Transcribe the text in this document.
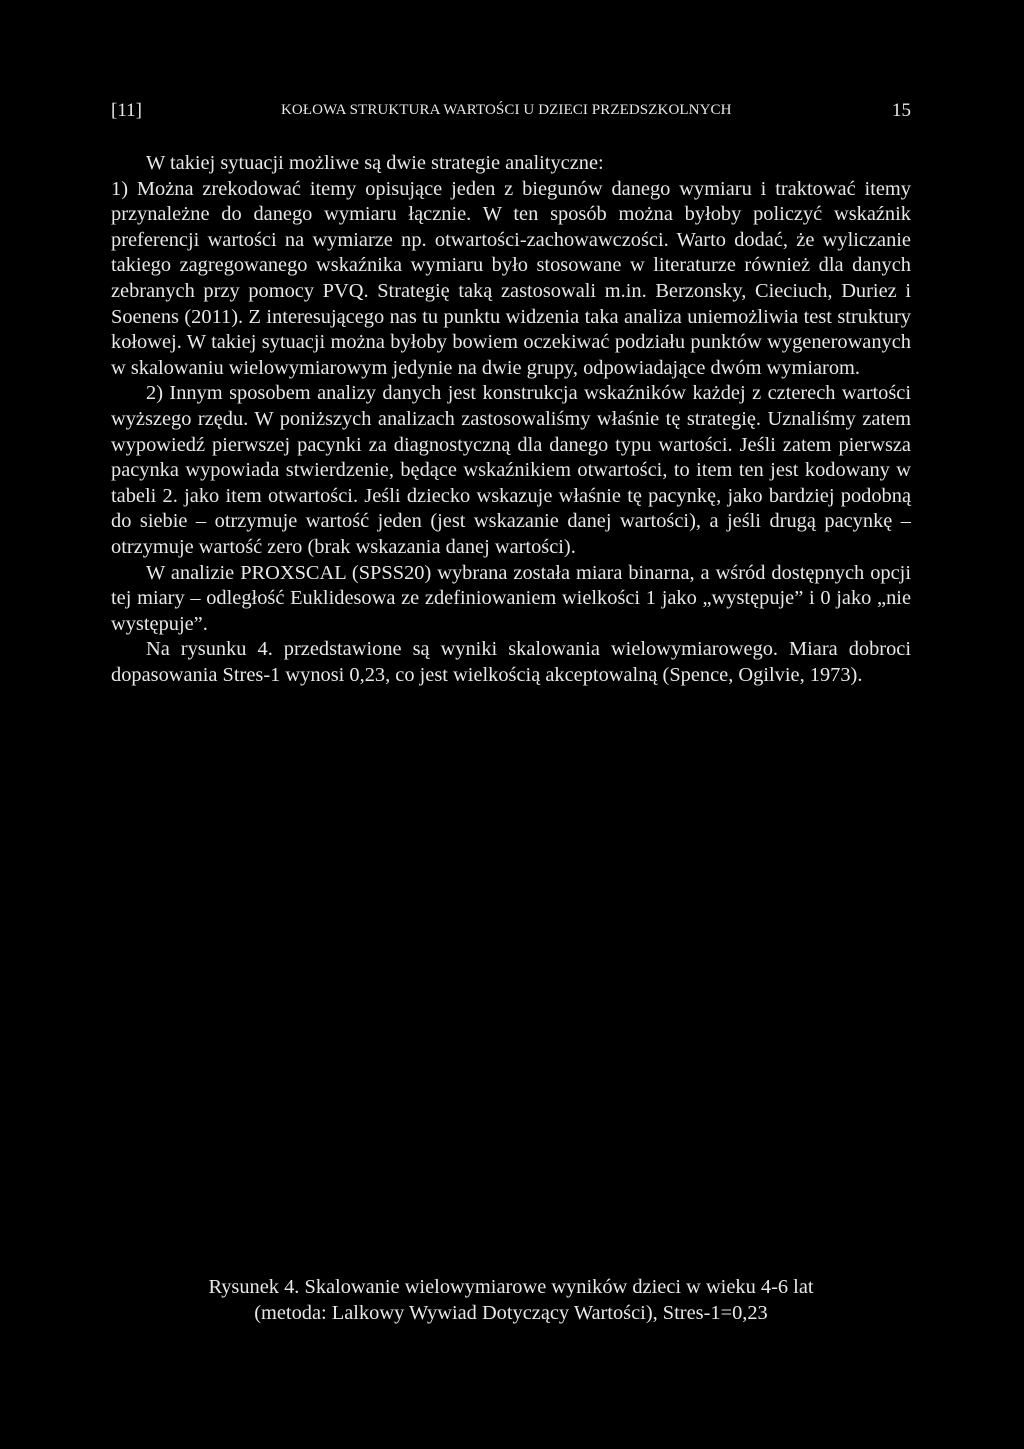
[11]	KOŁOWA STRUKTURA WARTOŚCI U DZIECI PRZEDSZKOLNYCH	15

W takiej sytuacji możliwe są dwie strategie analityczne:

1) Można zrekodować itemy opisujące jeden z biegunów danego wymiaru i traktować itemy przynależne do danego wymiaru łącznie. W ten sposób można byłoby policzyć wskaźnik preferencji wartości na wymiarze np. otwartości-zachowawczości. Warto dodać, że wyliczanie takiego zagregowanego wskaźnika wymiaru było stosowane w literaturze również dla danych zebranych przy pomocy PVQ. Strategię taką zastosowali m.in. Berzonsky, Cieciuch, Duriez i Soenens (2011). Z interesującego nas tu punktu widzenia taka analiza uniemożliwia test struktury kołowej. W takiej sytuacji można byłoby bowiem oczekiwać podziału punktów wygenerowanych w skalowaniu wielowymiarowym jedynie na dwie grupy, odpowiadające dwóm wymiarom.

2) Innym sposobem analizy danych jest konstrukcja wskaźników każdej z czterech wartości wyższego rzędu. W poniższych analizach zastosowaliśmy właśnie tę strategię. Uznaliśmy zatem wypowiedź pierwszej pacynki za diagnostyczną dla danego typu wartości. Jeśli zatem pierwsza pacynka wypowiada stwierdzenie, będące wskaźnikiem otwartości, to item ten jest kodowany w tabeli 2. jako item otwartości. Jeśli dziecko wskazuje właśnie tę pacynkę, jako bardziej podobną do siebie – otrzymuje wartość jeden (jest wskazanie danej wartości), a jeśli drugą pacynkę – otrzymuje wartość zero (brak wskazania danej wartości).

W analizie PROXSCAL (SPSS20) wybrana została miara binarna, a wśród dostępnych opcji tej miary – odległość Euklidesowa ze zdefiniowaniem wielkości 1 jako „występuje” i 0 jako „nie występuje”.

Na rysunku 4. przedstawione są wyniki skalowania wielowymiarowego. Miara dobroci dopasowania Stres-1 wynosi 0,23, co jest wielkością akceptowalną (Spence, Ogilvie, 1973).

Rysunek 4. Skalowanie wielowymiarowe wyników dzieci w wieku 4-6 lat
(metoda: Lalkowy Wywiad Dotyczący Wartości), Stres-1=0,23
